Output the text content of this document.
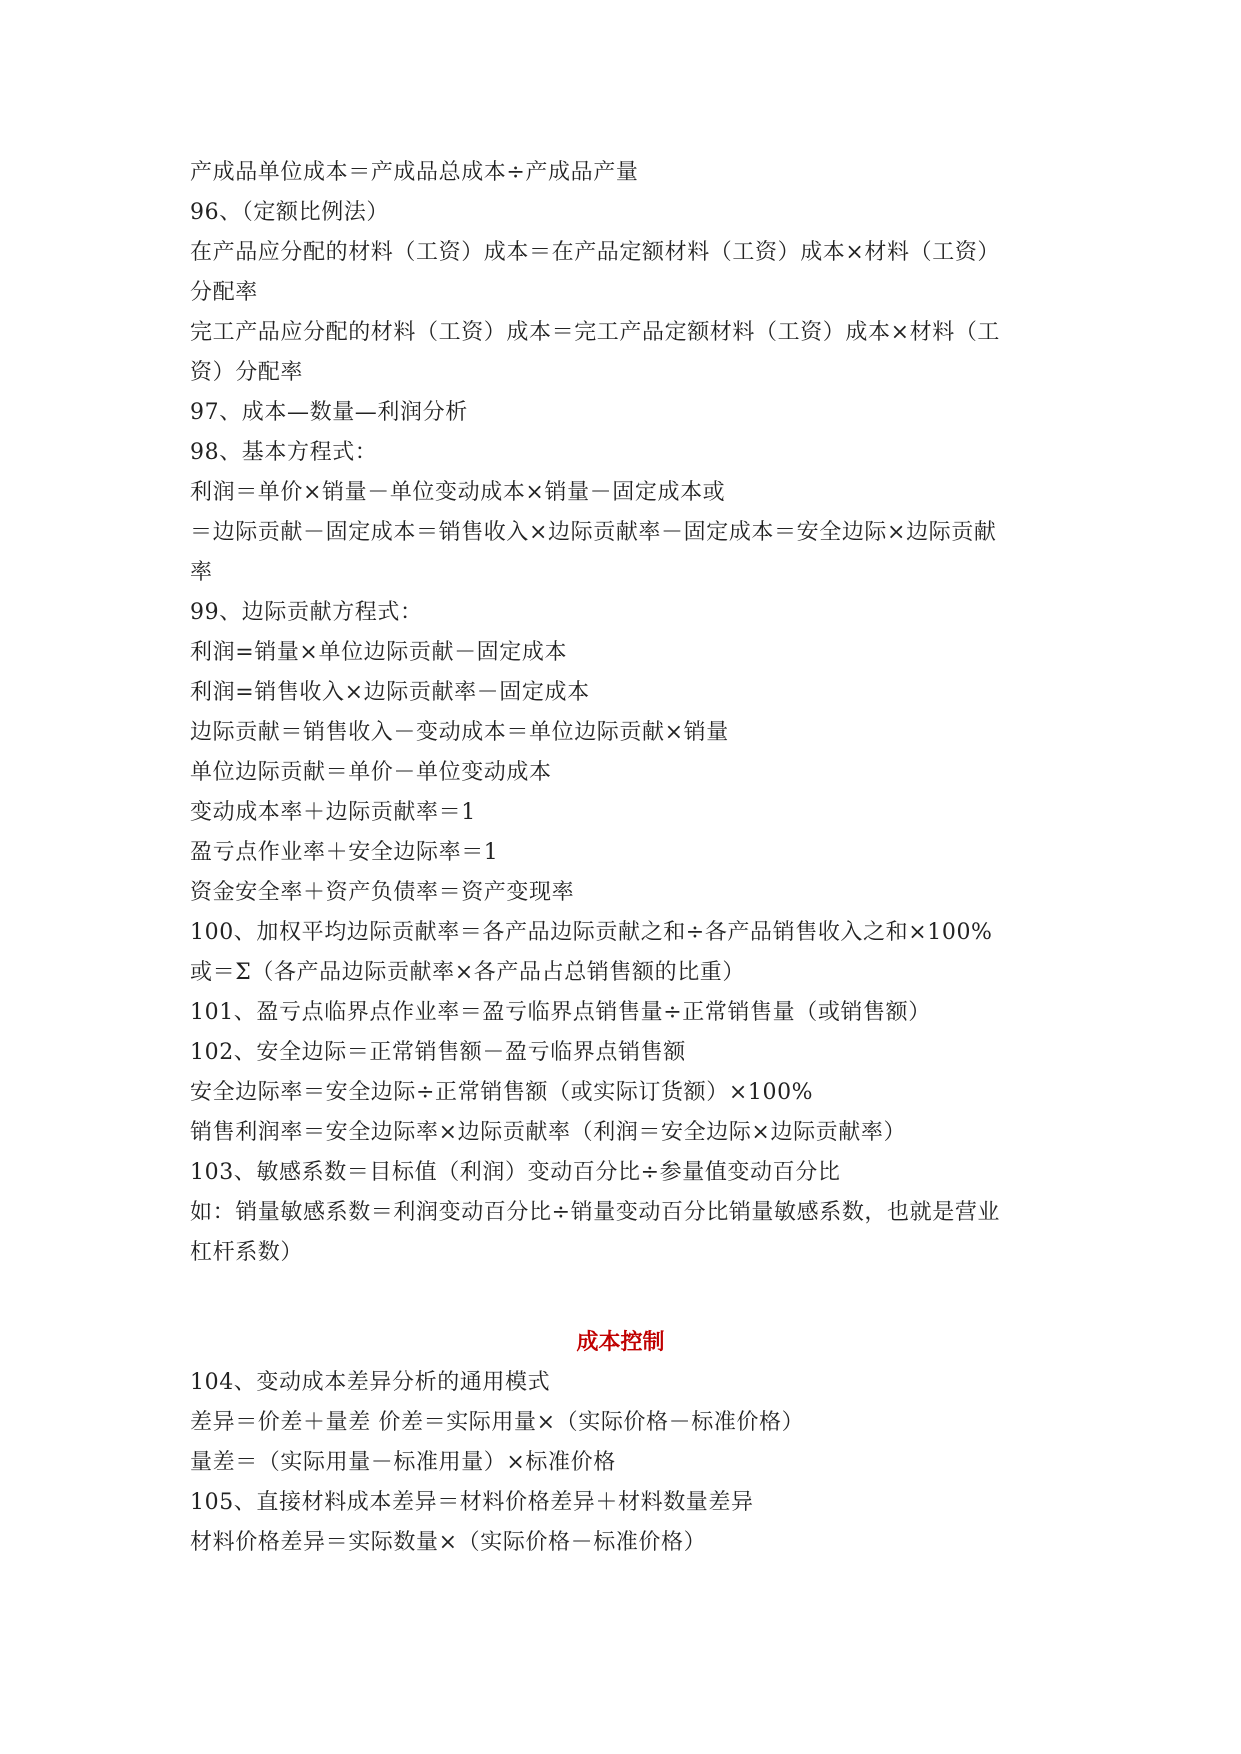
产成品单位成本＝产成品总成本÷产成品产量
96、（定额比例法）
在产品应分配的材料（工资）成本＝在产品定额材料（工资）成本×材料（工资）
分配率
完工产品应分配的材料（工资）成本＝完工产品定额材料（工资）成本×材料（工
资）分配率
97、成本—数量—利润分析
98、基本方程式：
利润＝单价×销量－单位变动成本×销量－固定成本或
＝边际贡献－固定成本＝销售收入×边际贡献率－固定成本＝安全边际×边际贡献
率
99、边际贡献方程式：
利润=销量×单位边际贡献－固定成本
利润=销售收入×边际贡献率－固定成本
边际贡献＝销售收入－变动成本＝单位边际贡献×销量
单位边际贡献＝单价－单位变动成本
变动成本率＋边际贡献率＝1
盈亏点作业率＋安全边际率＝1
资金安全率＋资产负债率＝资产变现率
100、加权平均边际贡献率＝各产品边际贡献之和÷各产品销售收入之和×100%
或＝Σ（各产品边际贡献率×各产品占总销售额的比重）
101、盈亏点临界点作业率＝盈亏临界点销售量÷正常销售量（或销售额）
102、安全边际＝正常销售额－盈亏临界点销售额
安全边际率＝安全边际÷正常销售额（或实际订货额）×100%
销售利润率＝安全边际率×边际贡献率（利润＝安全边际×边际贡献率）
103、敏感系数＝目标值（利润）变动百分比÷参量值变动百分比
如：销量敏感系数＝利润变动百分比÷销量变动百分比销量敏感系数，也就是营业
杠杆系数）
成本控制
104、变动成本差异分析的通用模式
差异＝价差＋量差 价差＝实际用量×（实际价格－标准价格）
量差＝（实际用量－标准用量）×标准价格
105、直接材料成本差异＝材料价格差异＋材料数量差异
材料价格差异＝实际数量×（实际价格－标准价格）
